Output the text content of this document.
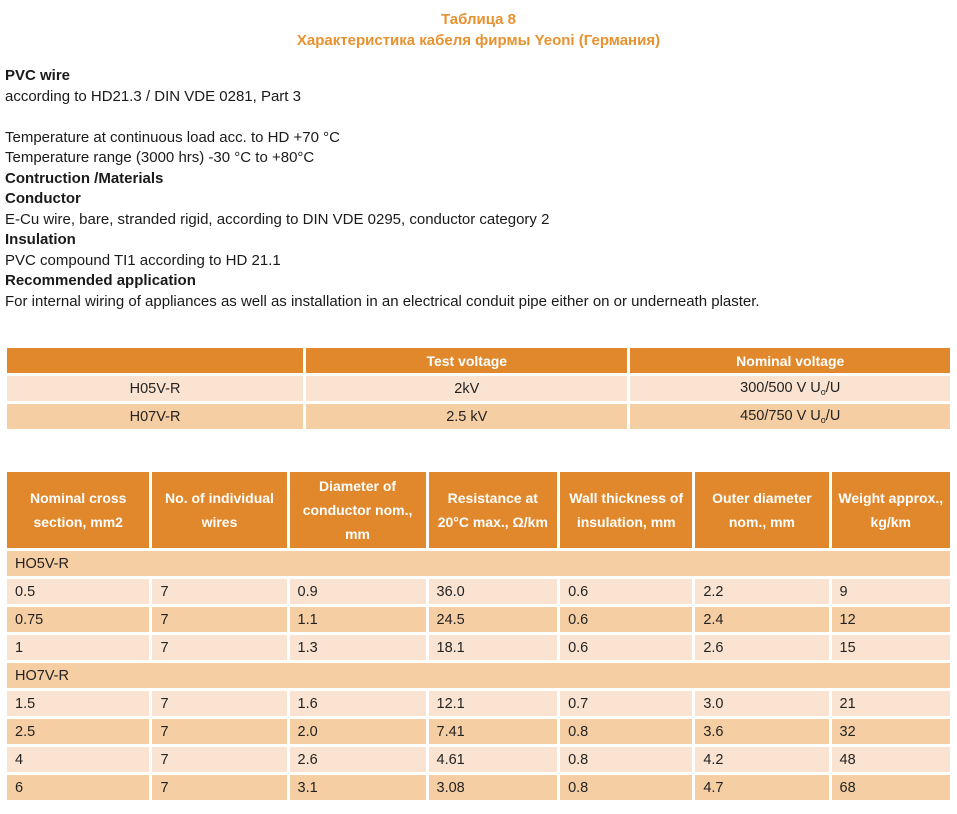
Таблица 8
Характеристика кабеля фирмы Yeoni (Германия)

PVC wire

according to HD21.3 / DIN VDE 0281, Part 3

Temperature at continuous load acc. to HD +70 °C

Temperature range (3000 hrs) -30 °C to +80°C

Contruction /Materials

Conductor

E-Cu wire, bare, stranded rigid, according to DIN VDE 0295, conductor category 2

Insulation

PVC compound TI1 according to HD 21.1

Recommended application

For internal wiring of appliances as well as installation in an electrical conduit pipe either on or underneath plaster.

	Test voltage	Nominal voltage
H05V-R	2kV	300/500 V $U_o/U$
H07V-R	2.5 kV	450/750 V $U_o/U$
Nominal cross section, mm2	No. of individual wires	Diameter of conductor nom., mm	Resistance at 20°C max., Ω/km	Wall thickness of insulation, mm	Outer diameter nom., mm	Weight approx., kg/km
HO5V-R						
0.5	7	0.9	36.0	0.6	2.2	9
0.75	7	1.1	24.5	0.6	2.4	12
1	7	1.3	18.1	0.6	2.6	15
HO7V-R						
1.5	7	1.6	12.1	0.7	3.0	21
2.5	7	2.0	7.41	0.8	3.6	32
4	7	2.6	4.61	0.8	4.2	48
6	7	3.1	3.08	0.8	4.7	68
